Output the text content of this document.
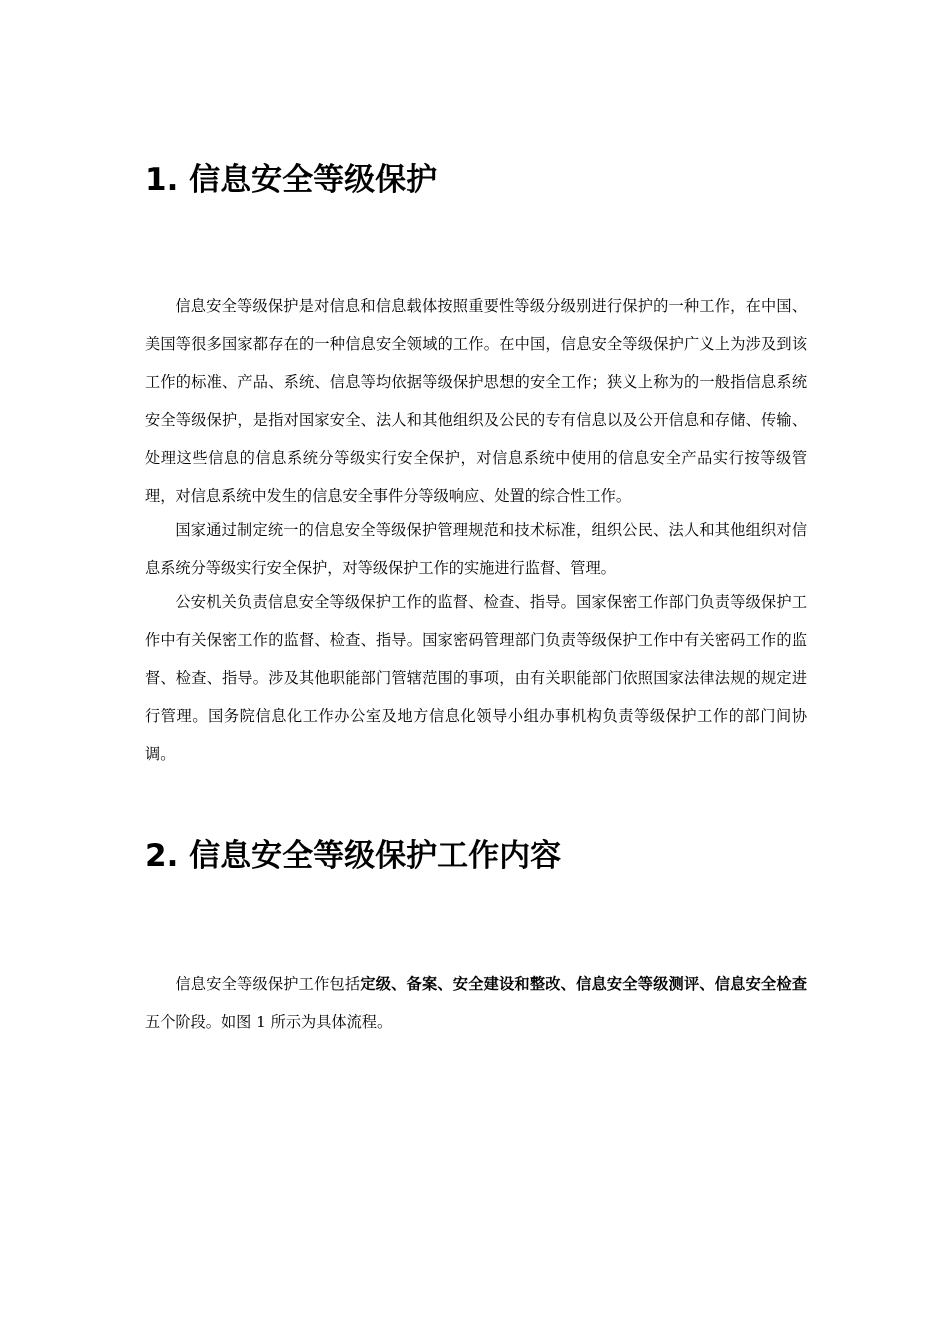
1. 信息安全等级保护

信息安全等级保护是对信息和信息载体按照重要性等级分级别进行保护的一种工作，在中国、美国等很多国家都存在的一种信息安全领域的工作。在中国，信息安全等级保护广义上为涉及到该工作的标准、产品、系统、信息等均依据等级保护思想的安全工作；狭义上称为的一般指信息系统安全等级保护，是指对国家安全、法人和其他组织及公民的专有信息以及公开信息和存储、传输、处理这些信息的信息系统分等级实行安全保护，对信息系统中使用的信息安全产品实行按等级管理，对信息系统中发生的信息安全事件分等级响应、处置的综合性工作。

国家通过制定统一的信息安全等级保护管理规范和技术标准，组织公民、法人和其他组织对信息系统分等级实行安全保护，对等级保护工作的实施进行监督、管理。

公安机关负责信息安全等级保护工作的监督、检查、指导。国家保密工作部门负责等级保护工作中有关保密工作的监督、检查、指导。国家密码管理部门负责等级保护工作中有关密码工作的监督、检查、指导。涉及其他职能部门管辖范围的事项，由有关职能部门依照国家法律法规的规定进行管理。国务院信息化工作办公室及地方信息化领导小组办事机构负责等级保护工作的部门间协调。

2. 信息安全等级保护工作内容

信息安全等级保护工作包括定级、备案、安全建设和整改、信息安全等级测评、信息安全检查五个阶段。如图 1 所示为具体流程。
